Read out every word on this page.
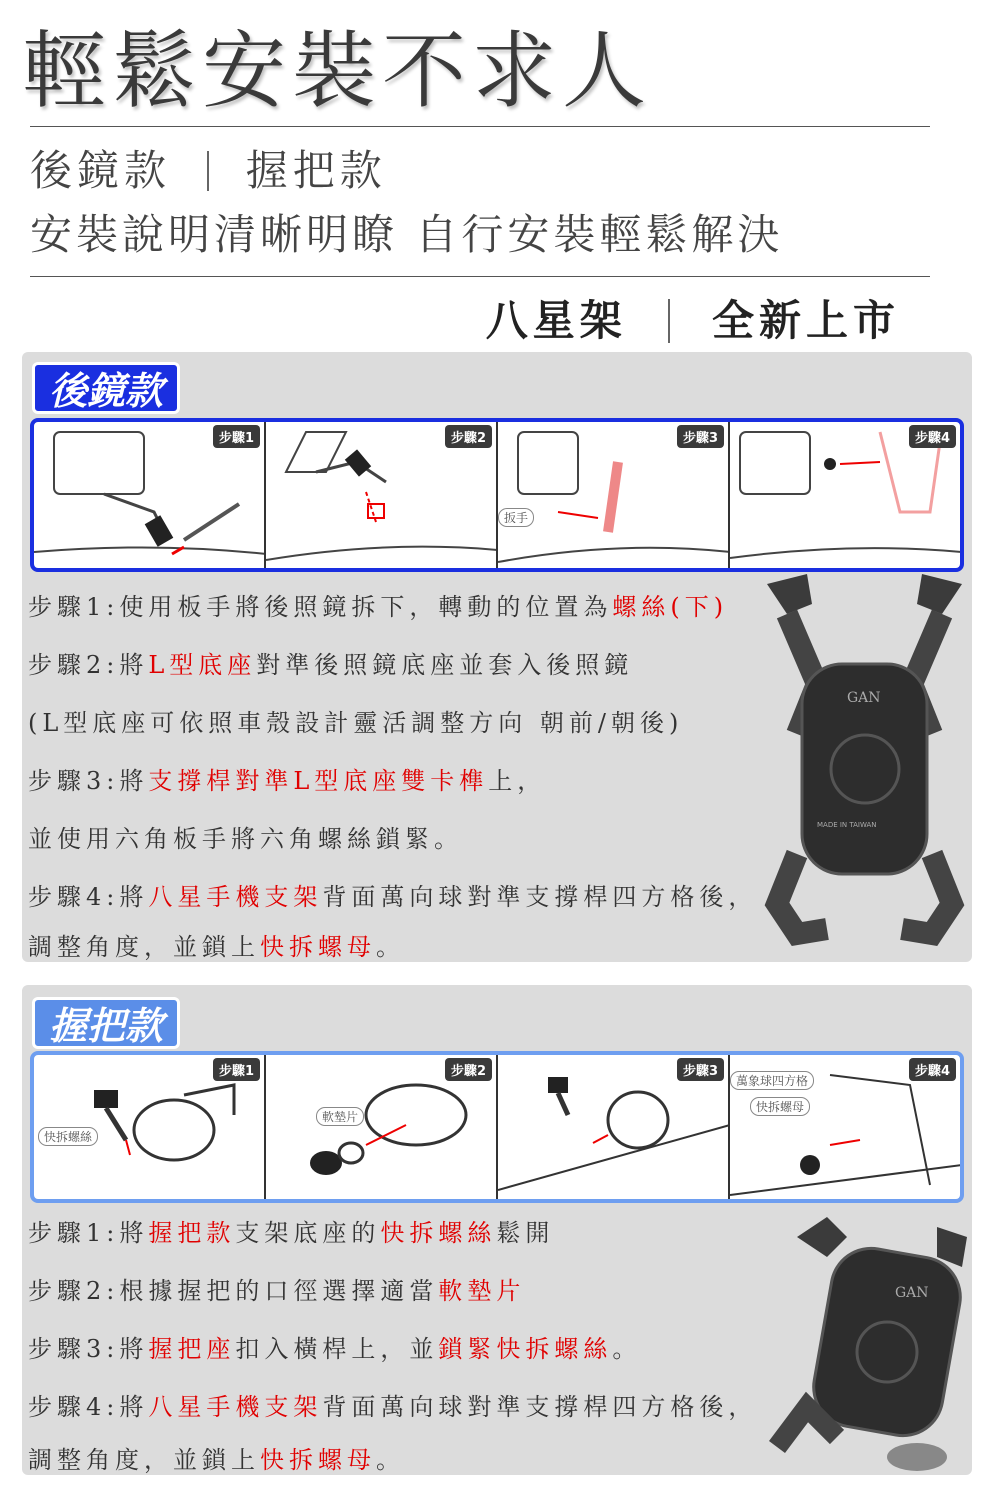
輕鬆安裝不求人
後鏡款 握把款
安裝說明清晰明瞭 自行安裝輕鬆解決
八星架 全新上市
後鏡款
步驟1	步驟2
扳手
步驟3	步驟4
步驟1:使用板手將後照鏡拆下，轉動的位置為螺絲(下)
步驟2:將L型底座對準後照鏡底座並套入後照鏡
(L型底座可依照車殼設計靈活調整方向 朝前/朝後)
步驟3:將支撐桿對準L型底座雙卡榫上，
並使用六角板手將六角螺絲鎖緊。
步驟4:將八星手機支架背面萬向球對準支撐桿四方格後，
調整角度，並鎖上快拆螺母。
GAN
MADE IN TAIWAN
握把款
快拆螺絲
步驟1
軟墊片
步驟2	步驟3
萬象球四方格
快拆螺母
步驟4
步驟1:將握把款支架底座的快拆螺絲鬆開
步驟2:根據握把的口徑選擇適當軟墊片
步驟3:將握把座扣入橫桿上，並鎖緊快拆螺絲。
步驟4:將八星手機支架背面萬向球對準支撐桿四方格後，
調整角度，並鎖上快拆螺母。
GAN
